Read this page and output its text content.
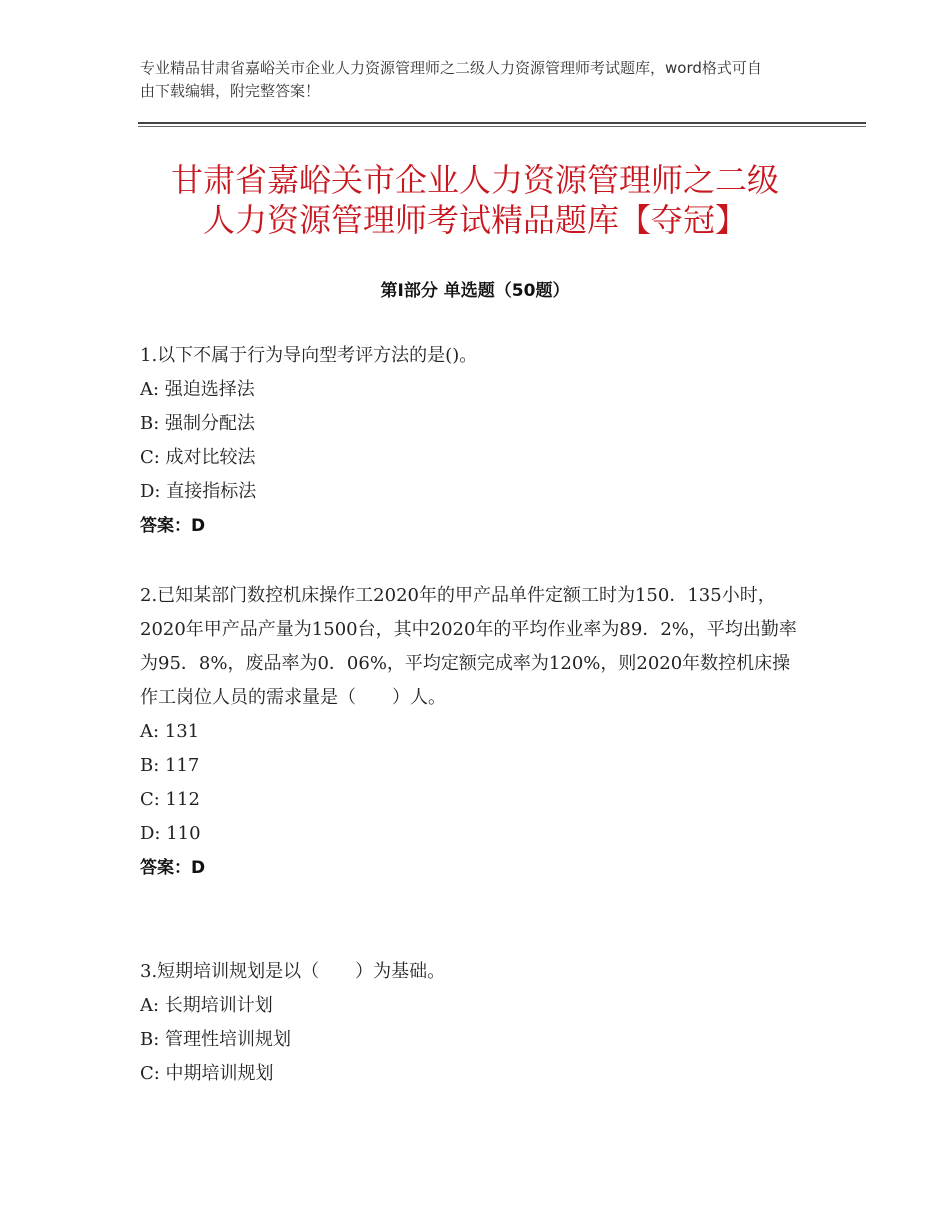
专业精品甘肃省嘉峪关市企业人力资源管理师之二级人力资源管理师考试题库，word格式可自由下载编辑，附完整答案！
甘肃省嘉峪关市企业人力资源管理师之二级
人力资源管理师考试精品题库【夺冠】
第Ⅰ部分 单选题（50题）

1.以下不属于行为导向型考评方法的是()。

A: 强迫选择法

B: 强制分配法

C: 成对比较法

D: 直接指标法

答案：D

2.已知某部门数控机床操作工2020年的甲产品单件定额工时为150．135小时，2020年甲产品产量为1500台，其中2020年的平均作业率为89．2%，平均出勤率为95．8%，废品率为0．06%，平均定额完成率为120%，则2020年数控机床操作工岗位人员的需求量是（　　）人。

A: 131

B: 117

C: 112

D: 110

答案：D

3.短期培训规划是以（　　）为基础。

A: 长期培训计划

B: 管理性培训规划

C: 中期培训规划
